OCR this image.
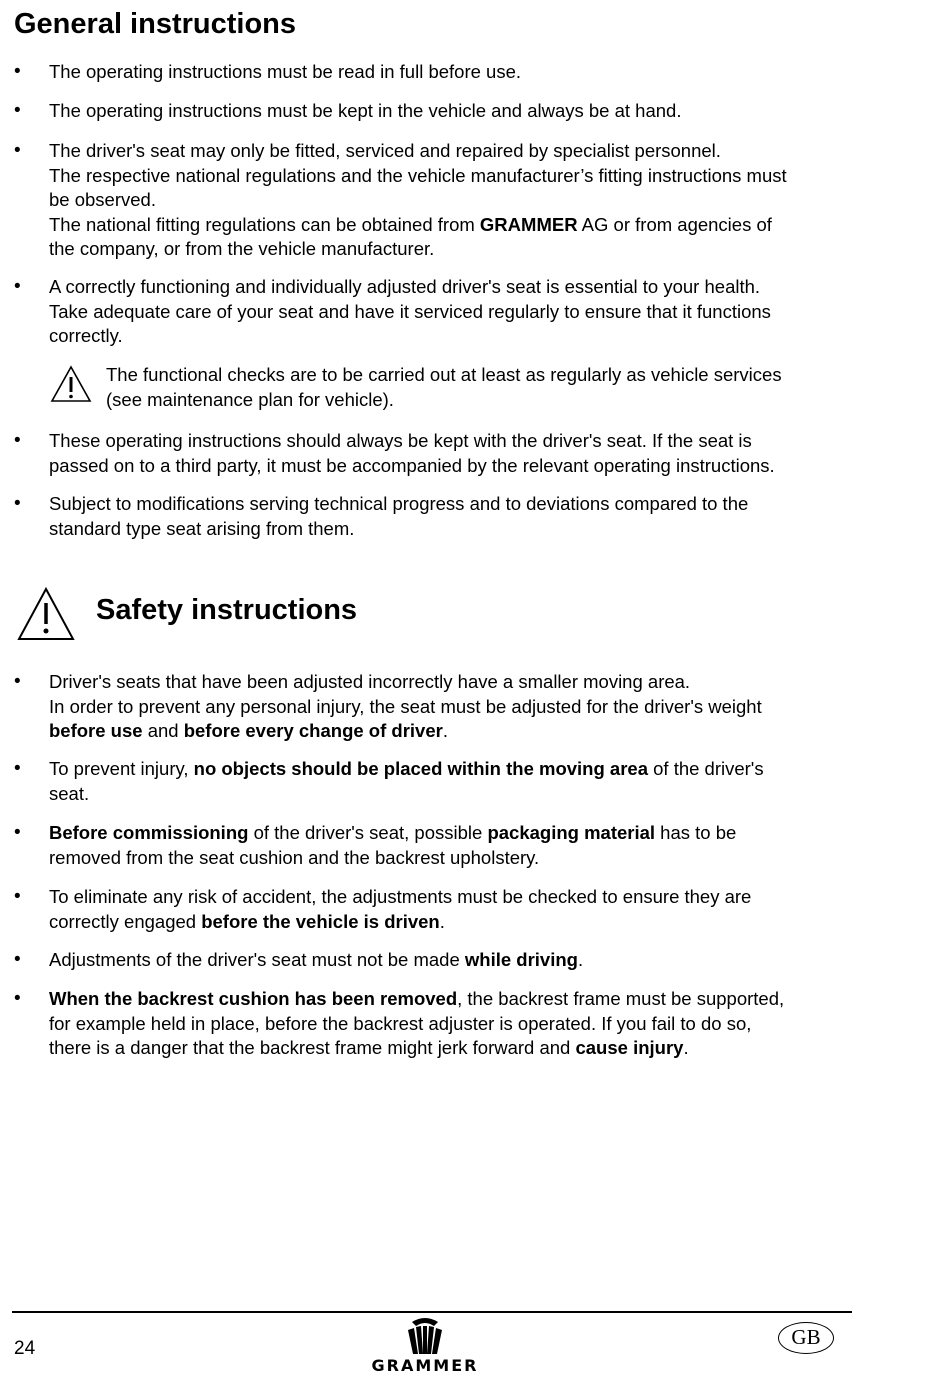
General instructions
• The operating instructions must be read in full before use.
• The operating instructions must be kept in the vehicle and always be at hand.
• The driver's seat may only be fitted, serviced and repaired by specialist personnel.
The respective national regulations and the vehicle manufacturer’s fitting instructions must
be observed.
The national fitting regulations can be obtained from GRAMMER AG or from agencies of
the company, or from the vehicle manufacturer.
• A correctly functioning and individually adjusted driver's seat is essential to your health.
Take adequate care of your seat and have it serviced regularly to ensure that it functions
correctly.
The functional checks are to be carried out at least as regularly as vehicle services
(see maintenance plan for vehicle).
• These operating instructions should always be kept with the driver's seat. If the seat is
passed on to a third party, it must be accompanied by the relevant operating instructions.
• Subject to modifications serving technical progress and to deviations compared to the
standard type seat arising from them.
Safety instructions
• Driver's seats that have been adjusted incorrectly have a smaller moving area.
In order to prevent any personal injury, the seat must be adjusted for the driver's weight
before use and before every change of driver.
• To prevent injury, no objects should be placed within the moving area of the driver's
seat.
• Before commissioning of the driver's seat, possible packaging material has to be
removed from the seat cushion and the backrest upholstery.
• To eliminate any risk of accident, the adjustments must be checked to ensure they are
correctly engaged before the vehicle is driven.
• Adjustments of the driver's seat must not be made while driving.
• When the backrest cushion has been removed, the backrest frame must be supported,
for example held in place, before the backrest adjuster is operated. If you fail to do so,
there is a danger that the backrest frame might jerk forward and cause injury.
24
GRAMMER
GB
